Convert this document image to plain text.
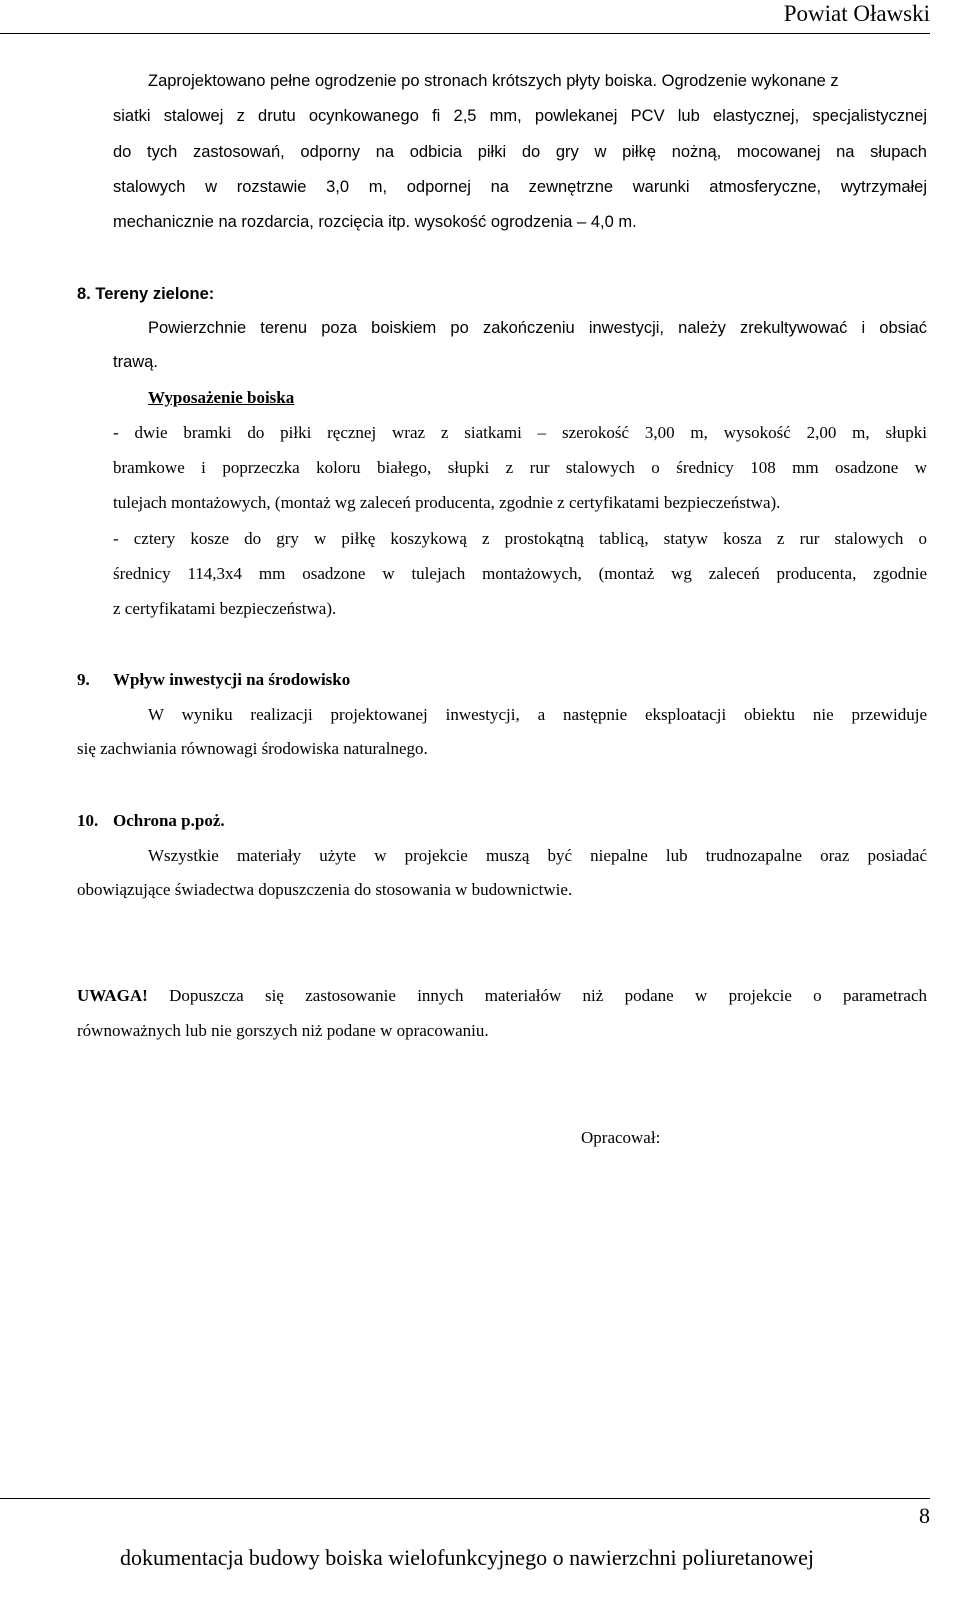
Powiat Oławski
Zaprojektowano pełne ogrodzenie po stronach krótszych płyty boiska. Ogrodzenie wykonane z
siatki stalowej z drutu ocynkowanego fi 2,5 mm, powlekanej PCV lub elastycznej, specjalistycznej
do tych zastosowań, odporny na odbicia piłki do gry w piłkę nożną, mocowanej na słupach
stalowych w rozstawie 3,0 m, odpornej na zewnętrzne warunki atmosferyczne, wytrzymałej
mechanicznie na rozdarcia, rozcięcia itp. wysokość ogrodzenia – 4,0 m.
8. Tereny zielone:
Powierzchnie terenu poza boiskiem po zakończeniu inwestycji, należy zrekultywować i obsiać
trawą.
Wyposażenie boiska
- dwie bramki do piłki ręcznej wraz z siatkami – szerokość 3,00 m, wysokość 2,00 m, słupki
bramkowe i poprzeczka koloru białego, słupki z rur stalowych o średnicy 108 mm osadzone w
tulejach montażowych, (montaż wg zaleceń producenta, zgodnie z certyfikatami bezpieczeństwa).
- cztery kosze do gry w piłkę koszykową z prostokątną tablicą, statyw kosza z rur stalowych o
średnicy 114,3x4 mm osadzone w tulejach montażowych, (montaż wg zaleceń producenta, zgodnie
z certyfikatami bezpieczeństwa).
9. Wpływ inwestycji na środowisko
W wyniku realizacji projektowanej inwestycji, a następnie eksploatacji obiektu nie przewiduje
się zachwiania równowagi środowiska naturalnego.
10. Ochrona p.poż.
Wszystkie materiały użyte w projekcie muszą być niepalne lub trudnozapalne oraz posiadać
obowiązujące świadectwa dopuszczenia do stosowania w budownictwie.
UWAGA! Dopuszcza się zastosowanie innych materiałów niż podane w projekcie o parametrach
równoważnych lub nie gorszych niż podane w opracowaniu.
Opracował:
8
dokumentacja budowy boiska wielofunkcyjnego o nawierzchni poliuretanowej
